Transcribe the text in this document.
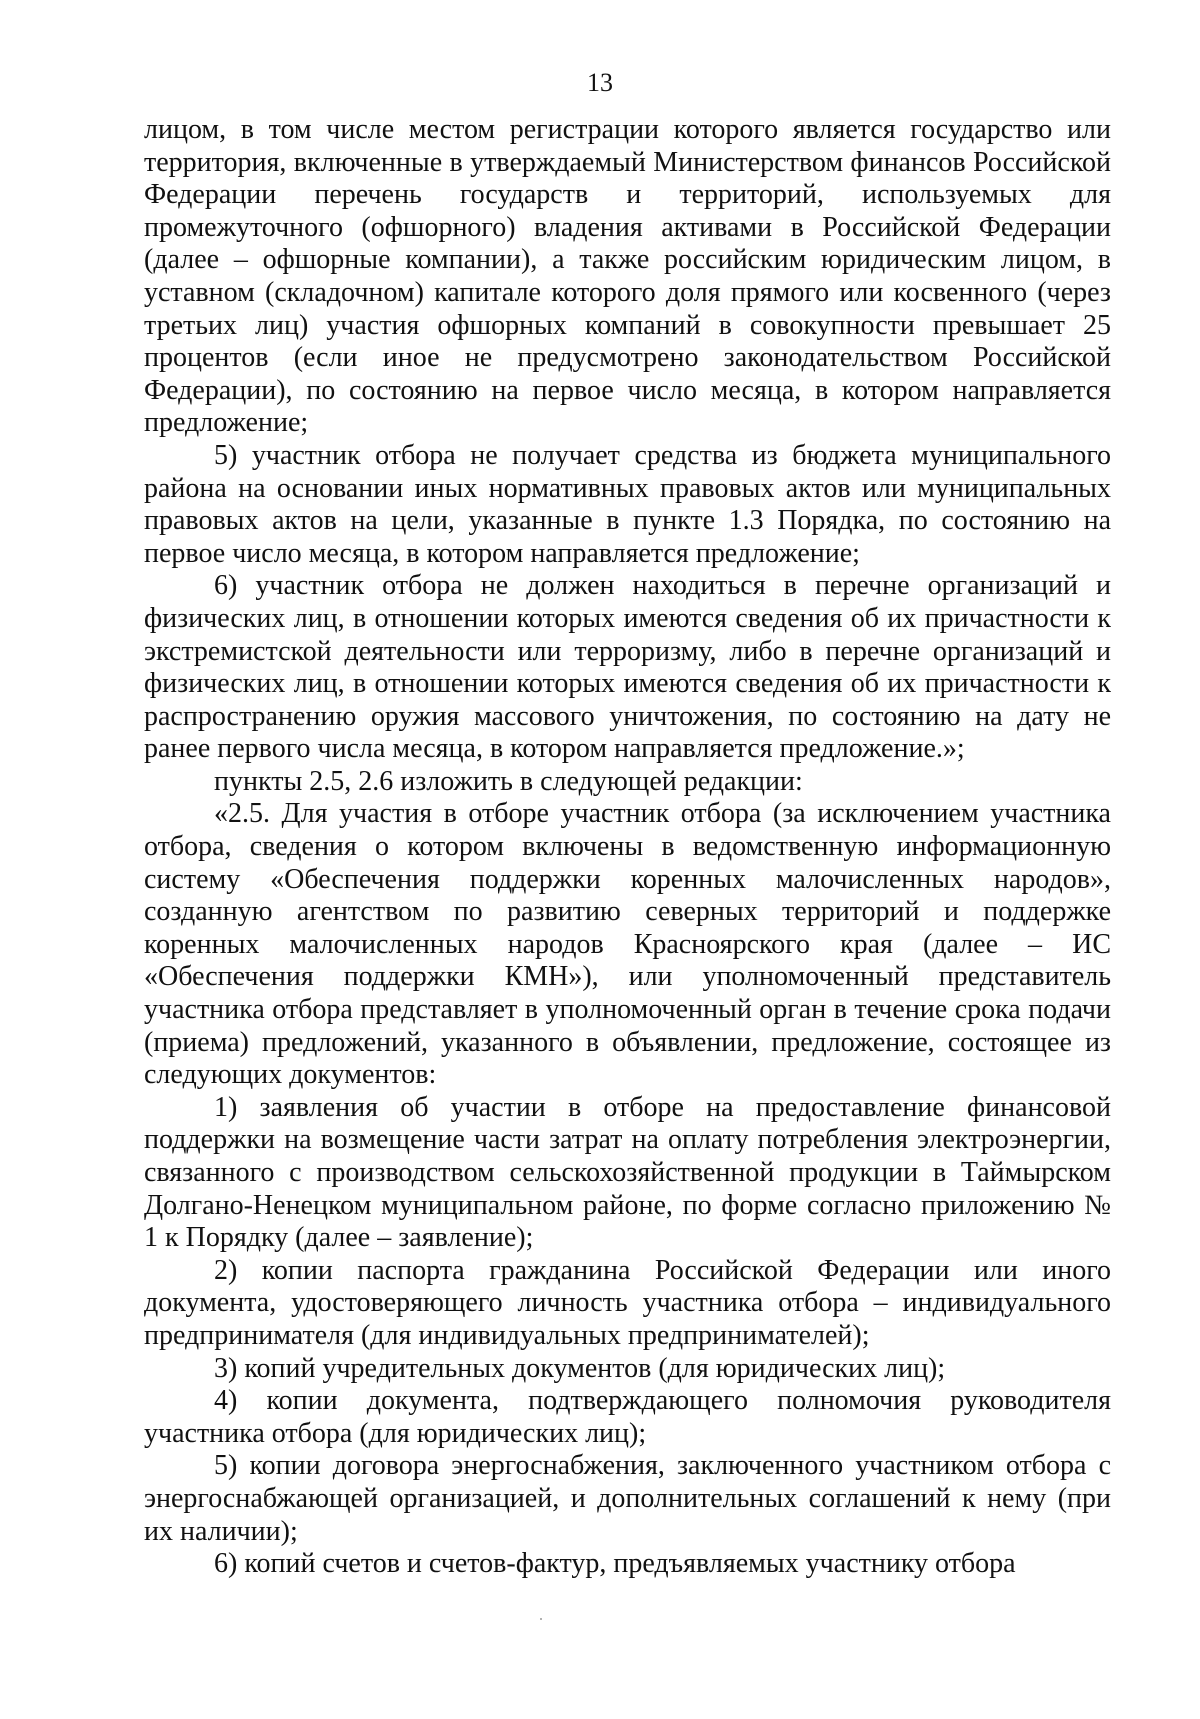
13

лицом, в том числе местом регистрации которого является государство или территория, включенные в утверждаемый Министерством финансов Российской Федерации перечень государств и территорий, используемых для промежуточного (офшорного) владения активами в Российской Федерации (далее – офшорные компании), а также российским юридическим лицом, в уставном (складочном) капитале которого доля прямого или косвенного (через третьих лиц) участия офшорных компаний в совокупности превышает 25 процентов (если иное не предусмотрено законодательством Российской Федерации), по состоянию на первое число месяца, в котором направляется предложение;

5) участник отбора не получает средства из бюджета муниципального района на основании иных нормативных правовых актов или муниципальных правовых актов на цели, указанные в пункте 1.3 Порядка, по состоянию на первое число месяца, в котором направляется предложение;

6) участник отбора не должен находиться в перечне организаций и физических лиц, в отношении которых имеются сведения об их причастности к экстремистской деятельности или терроризму, либо в перечне организаций и физических лиц, в отношении которых имеются сведения об их причастности к распространению оружия массового уничтожения, по состоянию на дату не ранее первого числа месяца, в котором направляется предложение.»;

пункты 2.5, 2.6 изложить в следующей редакции:

«2.5. Для участия в отборе участник отбора (за исключением участника отбора, сведения о котором включены в ведомственную информационную систему «Обеспечения поддержки коренных малочисленных народов», созданную агентством по развитию северных территорий и поддержке коренных малочисленных народов Красноярского края (далее – ИС «Обеспечения поддержки КМН»), или уполномоченный представитель участника отбора представляет в уполномоченный орган в течение срока подачи (приема) предложений, указанного в объявлении, предложение, состоящее из следующих документов:

1) заявления об участии в отборе на предоставление финансовой поддержки на возмещение части затрат на оплату потребления электроэнергии, связанного с производством сельскохозяйственной продукции в Таймырском Долгано-Ненецком муниципальном районе, по форме согласно приложению № 1 к Порядку (далее – заявление);

2) копии паспорта гражданина Российской Федерации или иного документа, удостоверяющего личность участника отбора – индивидуального предпринимателя (для индивидуальных предпринимателей);

3) копий учредительных документов (для юридических лиц);

4) копии документа, подтверждающего полномочия руководителя участника отбора (для юридических лиц);

5) копии договора энергоснабжения, заключенного участником отбора с энергоснабжающей организацией, и дополнительных соглашений к нему (при их наличии);

6) копий счетов и счетов-фактур, предъявляемых участнику отбора
